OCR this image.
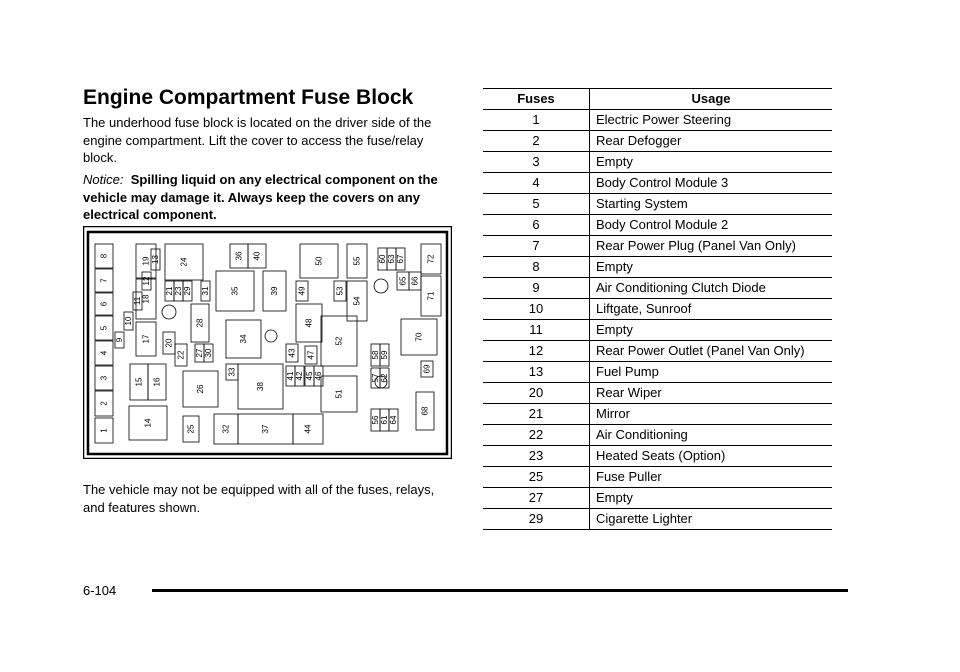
Engine Compartment Fuse Block

The underhood fuse block is located on the driver side of the engine compartment. Lift the cover to access the fuse/relay block.

Notice: Spilling liquid on any electrical component on the vehicle may damage it. Always keep the covers on any electrical component.

1
2
3
4
5
6
7
8
9
10
11
12
13
14
15 16
17
18
19
20
21 23 29
22
24
25
26
27 30
28
31
32
33
34
35
36 40
37
38
39
41 42
43
44
45 46
47
48
49
50
51
52
53
54
55
56 61 64
57 62
58 59
60 63 67
65 66
68
69
70
71
72

The vehicle may not be equipped with all of the fuses, relays, and features shown.

Fuses	Usage
1	Electric Power Steering
2	Rear Defogger
3	Empty
4	Body Control Module 3
5	Starting System
6	Body Control Module 2
7	Rear Power Plug (Panel Van Only)
8	Empty
9	Air Conditioning Clutch Diode
10	Liftgate, Sunroof
11	Empty
12	Rear Power Outlet (Panel Van Only)
13	Fuel Pump
20	Rear Wiper
21	Mirror
22	Air Conditioning
23	Heated Seats (Option)
25	Fuse Puller
27	Empty
29	Cigarette Lighter
6-104
